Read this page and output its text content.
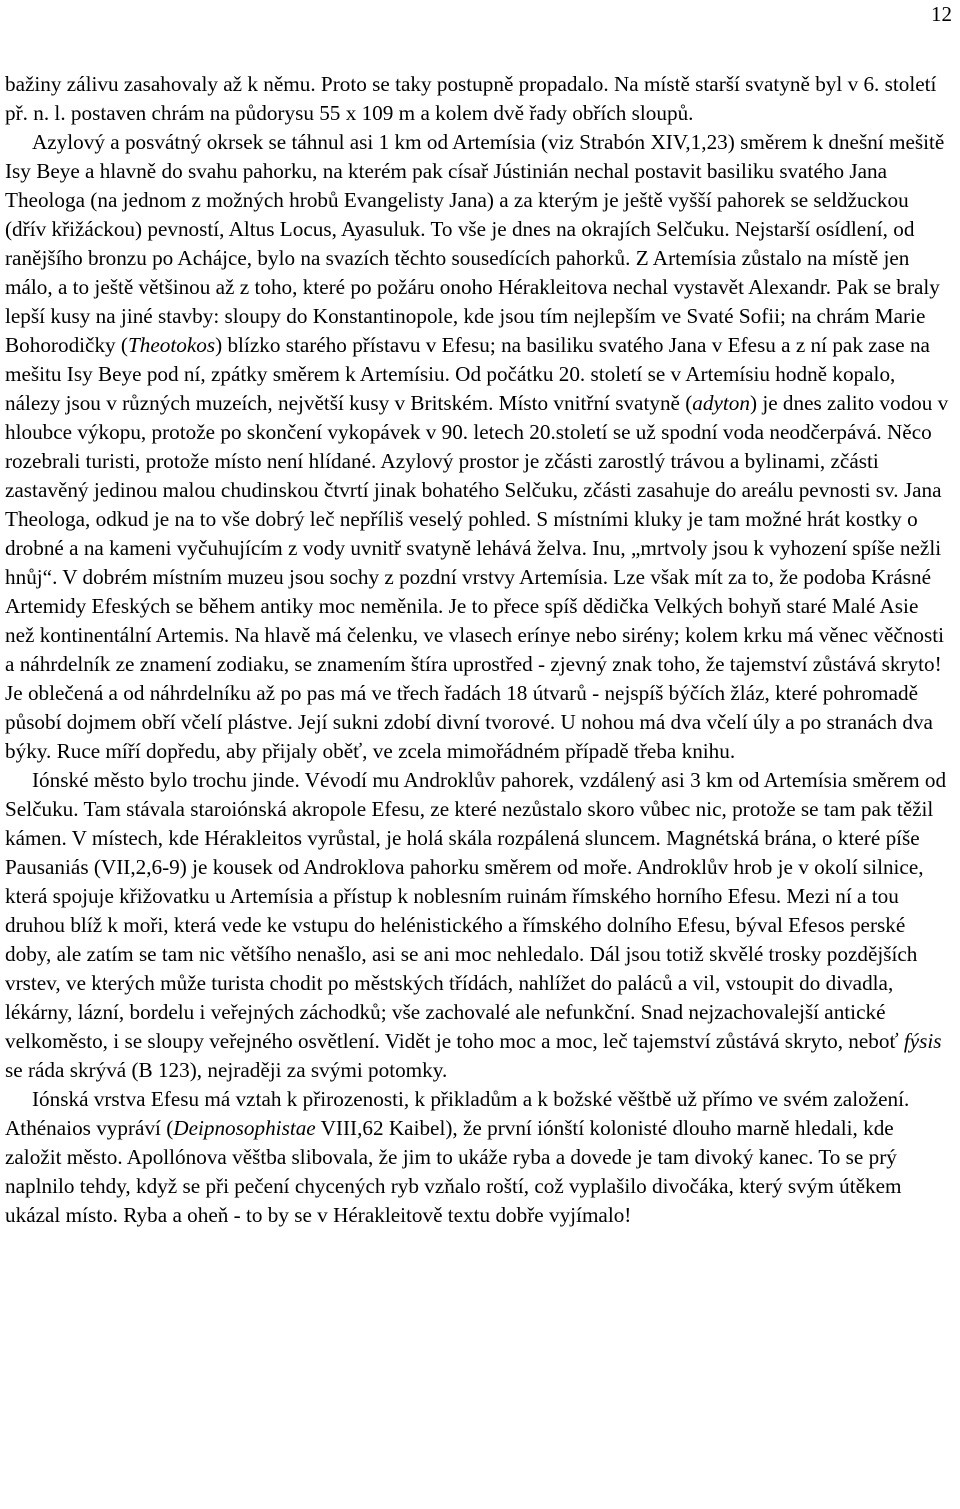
12

bažiny zálivu zasahovaly až k němu. Proto se taky postupně propadalo. Na místě starší svatyně byl v 6. století př. n. l. postaven chrám na půdorysu 55 x 109 m a kolem dvě řady obřích sloupů.

Azylový a posvátný okrsek se táhnul asi 1 km od Artemísia (viz Strabón XIV,1,23) směrem k dnešní mešitě Isy Beye a hlavně do svahu pahorku, na kterém pak císař Jústinián nechal postavit basiliku svatého Jana Theologa (na jednom z možných hrobů Evangelisty Jana) a za kterým je ještě vyšší pahorek se seldžuckou (dřív křižáckou) pevností, Altus Locus, Ayasuluk. To vše je dnes na okrajích Selčuku. Nejstarší osídlení, od ranějšího bronzu po Achájce, bylo na svazích těchto sousedících pahorků. Z Artemísia zůstalo na místě jen málo, a to ještě většinou až z toho, které po požáru onoho Hérakleitova nechal vystavět Alexandr. Pak se braly lepší kusy na jiné stavby: sloupy do Konstantinopole, kde jsou tím nejlepším ve Svaté Sofii; na chrám Marie Bohorodičky (Theotokos) blízko starého přístavu v Efesu; na basiliku svatého Jana v Efesu a z ní pak zase na mešitu Isy Beye pod ní, zpátky směrem k Artemísiu. Od počátku 20. století se v Artemísiu hodně kopalo, nálezy jsou v různých muzeích, největší kusy v Britském. Místo vnitřní svatyně (adyton) je dnes zalito vodou v hloubce výkopu, protože po skončení vykopávek v 90. letech 20.století se už spodní voda neodčerpává. Něco rozebrali turisti, protože místo není hlídané. Azylový prostor je zčásti zarostlý trávou a bylinami, zčásti zastavěný jedinou malou chudinskou čtvrtí jinak bohatého Selčuku, zčásti zasahuje do areálu pevnosti sv. Jana Theologa, odkud je na to vše dobrý leč nepříliš veselý pohled. S místními kluky je tam možné hrát kostky o drobné a na kameni vyčuhujícím z vody uvnitř svatyně lehává želva. Inu, „mrtvoly jsou k vyhození spíše nežli hnůj“. V dobrém místním muzeu jsou sochy z pozdní vrstvy Artemísia. Lze však mít za to, že podoba Krásné Artemidy Efeských se během antiky moc neměnila. Je to přece spíš dědička Velkých bohyň staré Malé Asie než kontinentální Artemis. Na hlavě má čelenku, ve vlasech erínye nebo sirény; kolem krku má věnec věčnosti a náhrdelník ze znamení zodiaku, se znamením štíra uprostřed - zjevný znak toho, že tajemství zůstává skryto! Je oblečená a od náhrdelníku až po pas má ve třech řadách 18 útvarů - nejspíš býčích žláz, které pohromadě působí dojmem obří včelí plástve. Její sukni zdobí divní tvorové. U nohou má dva včelí úly a po stranách dva býky. Ruce míří dopředu, aby přijaly oběť, ve zcela mimořádném případě třeba knihu.

Iónské město bylo trochu jinde. Vévodí mu Androklův pahorek, vzdálený asi 3 km od Artemísia směrem od Selčuku. Tam stávala staroiónská akropole Efesu, ze které nezůstalo skoro vůbec nic, protože se tam pak těžil kámen. V místech, kde Hérakleitos vyrůstal, je holá skála rozpálená sluncem. Magnétská brána, o které píše Pausaniás (VII,2,6-9) je kousek od Androklova pahorku směrem od moře. Androklův hrob je v okolí silnice, která spojuje křižovatku u Artemísia a přístup k noblesním ruinám římského horního Efesu. Mezi ní a tou druhou blíž k moři, která vede ke vstupu do helénistického a římského dolního Efesu, býval Efesos perské doby, ale zatím se tam nic většího nenašlo, asi se ani moc nehledalo. Dál jsou totiž skvělé trosky pozdějších vrstev, ve kterých může turista chodit po městských třídách, nahlížet do paláců a vil, vstoupit do divadla, lékárny, lázní, bordelu i veřejných záchodků; vše zachovalé ale nefunkční. Snad nejzachovalejší antické velkoměsto, i se sloupy veřejného osvětlení. Vidět je toho moc a moc, leč tajemství zůstává skryto, neboť fýsis se ráda skrývá (B 123), nejraději za svými potomky.

Iónská vrstva Efesu má vztah k přirozenosti, k přikladům a k božské věštbě už přímo ve svém založení. Athénaios vypráví (Deipnosophistae VIII,62 Kaibel), že první iónští kolonisté dlouho marně hledali, kde založit město. Apollónova věštba slibovala, že jim to ukáže ryba a dovede je tam divoký kanec. To se prý naplnilo tehdy, když se při pečení chycených ryb vzňalo roští, což vyplašilo divočáka, který svým útěkem ukázal místo. Ryba a oheň - to by se v Hérakleitově textu dobře vyjímalo!
